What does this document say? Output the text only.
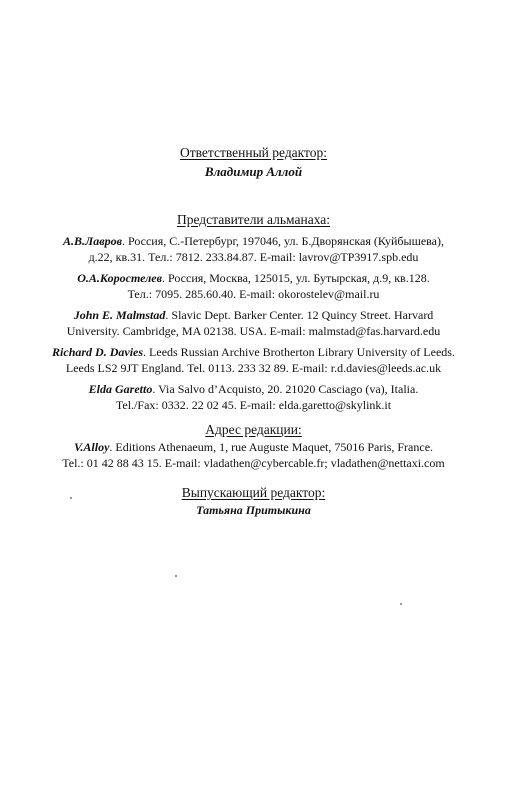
Ответственный редактор:
Владимир Аллой
Представители альманаха:

А.В.Лавров. Россия, С.-Петербург, 197046, ул. Б.Дворянская (Куйбышева),
д.22, кв.31. Тел.: 7812. 233.84.87. E-mail: lavrov@TP3917.spb.edu

О.А.Коростелев. Россия, Москва, 125015, ул. Бутырская, д.9, кв.128.
Тел.: 7095. 285.60.40. E-mail: okorostelev@mail.ru

John E. Malmstad. Slavic Dept. Barker Center. 12 Quincy Street. Harvard
University. Cambridge, MA 02138. USA. E-mail: malmstad@fas.harvard.edu

Richard D. Davies. Leeds Russian Archive Brotherton Library University of Leeds.
Leeds LS2 9JT England. Tel. 0113. 233 32 89. E-mail: r.d.davies@leeds.ac.uk

Elda Garetto. Via Salvo d’Acquisto, 20. 21020 Casciago (va), Italia.
Tel./Fax: 0332. 22 02 45. E-mail: elda.garetto@skylink.it

Адрес редакции:

V.Alloy. Editions Athenaeum, 1, rue Auguste Maquet, 75016 Paris, France.
Tel.: 01 42 88 43 15. E-mail: vladathen@cybercable.fr; vladathen@nettaxi.com

Выпускающий редактор:
Татьяна Притыкина
